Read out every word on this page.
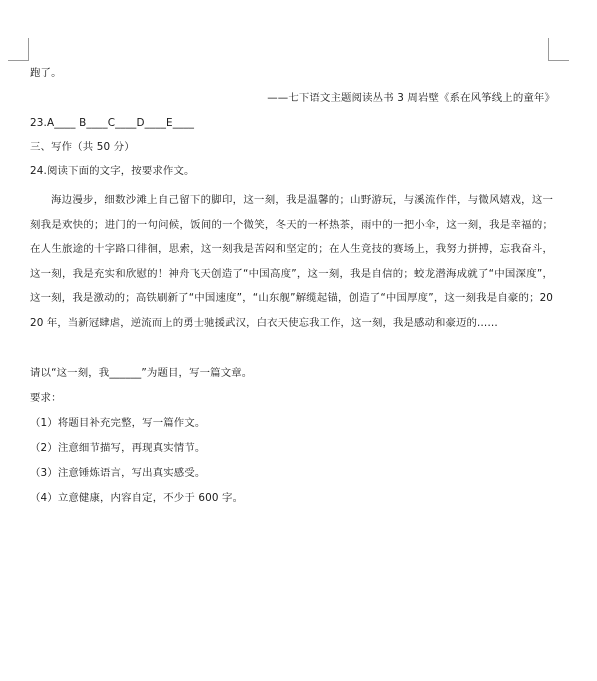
跑了。
——七下语文主题阅读丛书 3 周岩壁《系在风筝线上的童年》
23.A____ B____C____D____E____
三、写作（共 50 分）
24.阅读下面的文字，按要求作文。
海边漫步，细数沙滩上自己留下的脚印，这一刻，我是温馨的；山野游玩，与溪流作伴，与微风嬉戏，这一刻我是欢快的；进门的一句问候，饭间的一个微笑，冬天的一杯热茶，雨中的一把小伞，这一刻，我是幸福的；在人生旅途的十字路口徘徊，思索，这一刻我是苦闷和坚定的；在人生竞技的赛场上，我努力拼搏，忘我奋斗，这一刻，我是充实和欣慰的！神舟飞天创造了“中国高度”，这一刻，我是自信的；蛟龙潜海成就了“中国深度”，这一刻，我是激动的；高铁刷新了“中国速度”，“山东舰”解缆起锚，创造了“中国厚度”，这一刻我是自豪的；2020 年，当新冠肆虐，逆流而上的勇士驰援武汉，白衣天使忘我工作，这一刻，我是感动和豪迈的……
请以“这一刻，我______”为题目，写一篇文章。
要求：
（1）将题目补充完整，写一篇作文。
（2）注意细节描写，再现真实情节。
（3）注意锤炼语言，写出真实感受。
（4）立意健康，内容自定，不少于 600 字。
